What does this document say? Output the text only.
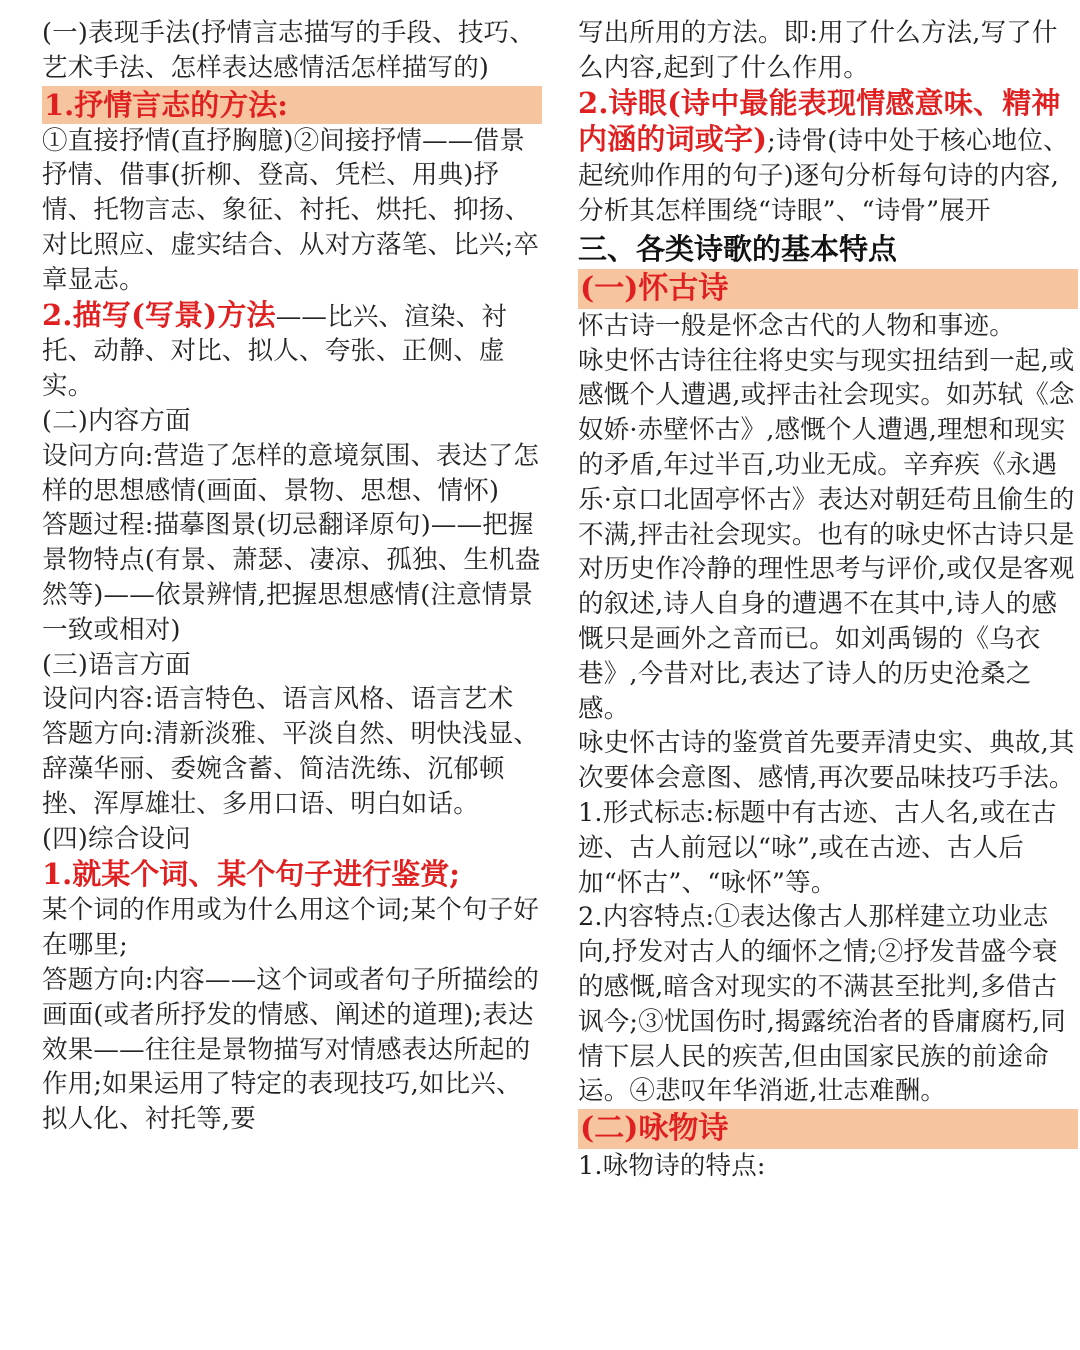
(一)表现手法(抒情言志描写的手段、技巧、艺术手法、怎样表达感情活怎样描写的)

1.抒情言志的方法:

①直接抒情(直抒胸臆)②间接抒情——借景抒情、借事(折柳、登高、凭栏、用典)抒情、托物言志、象征、衬托、烘托、抑扬、对比照应、虚实结合、从对方落笔、比兴;卒章显志。

2.描写(写景)方法——比兴、渲染、衬托、动静、对比、拟人、夸张、正侧、虚实。

(二)内容方面

设问方向:营造了怎样的意境氛围、表达了怎样的思想感情(画面、景物、思想、情怀)

答题过程:描摹图景(切忌翻译原句)——把握景物特点(有景、萧瑟、凄凉、孤独、生机盎然等)——依景辨情,把握思想感情(注意情景一致或相对)

(三)语言方面

设问内容:语言特色、语言风格、语言艺术

答题方向:清新淡雅、平淡自然、明快浅显、辞藻华丽、委婉含蓄、简洁洗练、沉郁顿挫、浑厚雄壮、多用口语、明白如话。

(四)综合设问

1.就某个词、某个句子进行鉴赏;

某个词的作用或为什么用这个词;某个句子好在哪里;

答题方向:内容——这个词或者句子所描绘的画面(或者所抒发的情感、阐述的道理);表达效果——往往是景物描写对情感表达所起的作用;如果运用了特定的表现技巧,如比兴、拟人化、衬托等,要

写出所用的方法。即:用了什么方法,写了什么内容,起到了什么作用。

2.诗眼(诗中最能表现情感意味、精神内涵的词或字);诗骨(诗中处于核心地位、起统帅作用的句子)逐句分析每句诗的内容,分析其怎样围绕“诗眼”、“诗骨”展开

三、各类诗歌的基本特点
(一)怀古诗

怀古诗一般是怀念古代的人物和事迹。

咏史怀古诗往往将史实与现实扭结到一起,或感慨个人遭遇,或抨击社会现实。如苏轼《念奴娇·赤壁怀古》,感慨个人遭遇,理想和现实的矛盾,年过半百,功业无成。辛弃疾《永遇乐·京口北固亭怀古》表达对朝廷苟且偷生的不满,抨击社会现实。也有的咏史怀古诗只是对历史作冷静的理性思考与评价,或仅是客观的叙述,诗人自身的遭遇不在其中,诗人的感慨只是画外之音而已。如刘禹锡的《乌衣巷》,今昔对比,表达了诗人的历史沧桑之感。

咏史怀古诗的鉴赏首先要弄清史实、典故,其次要体会意图、感情,再次要品味技巧手法。

1.形式标志:标题中有古迹、古人名,或在古迹、古人前冠以“咏”,或在古迹、古人后加“怀古”、“咏怀”等。

2.内容特点:①表达像古人那样建立功业志向,抒发对古人的缅怀之情;②抒发昔盛今衰的感慨,暗含对现实的不满甚至批判,多借古讽今;③忧国伤时,揭露统治者的昏庸腐朽,同情下层人民的疾苦,但由国家民族的前途命运。④悲叹年华消逝,壮志难酬。

(二)咏物诗

1.咏物诗的特点:
